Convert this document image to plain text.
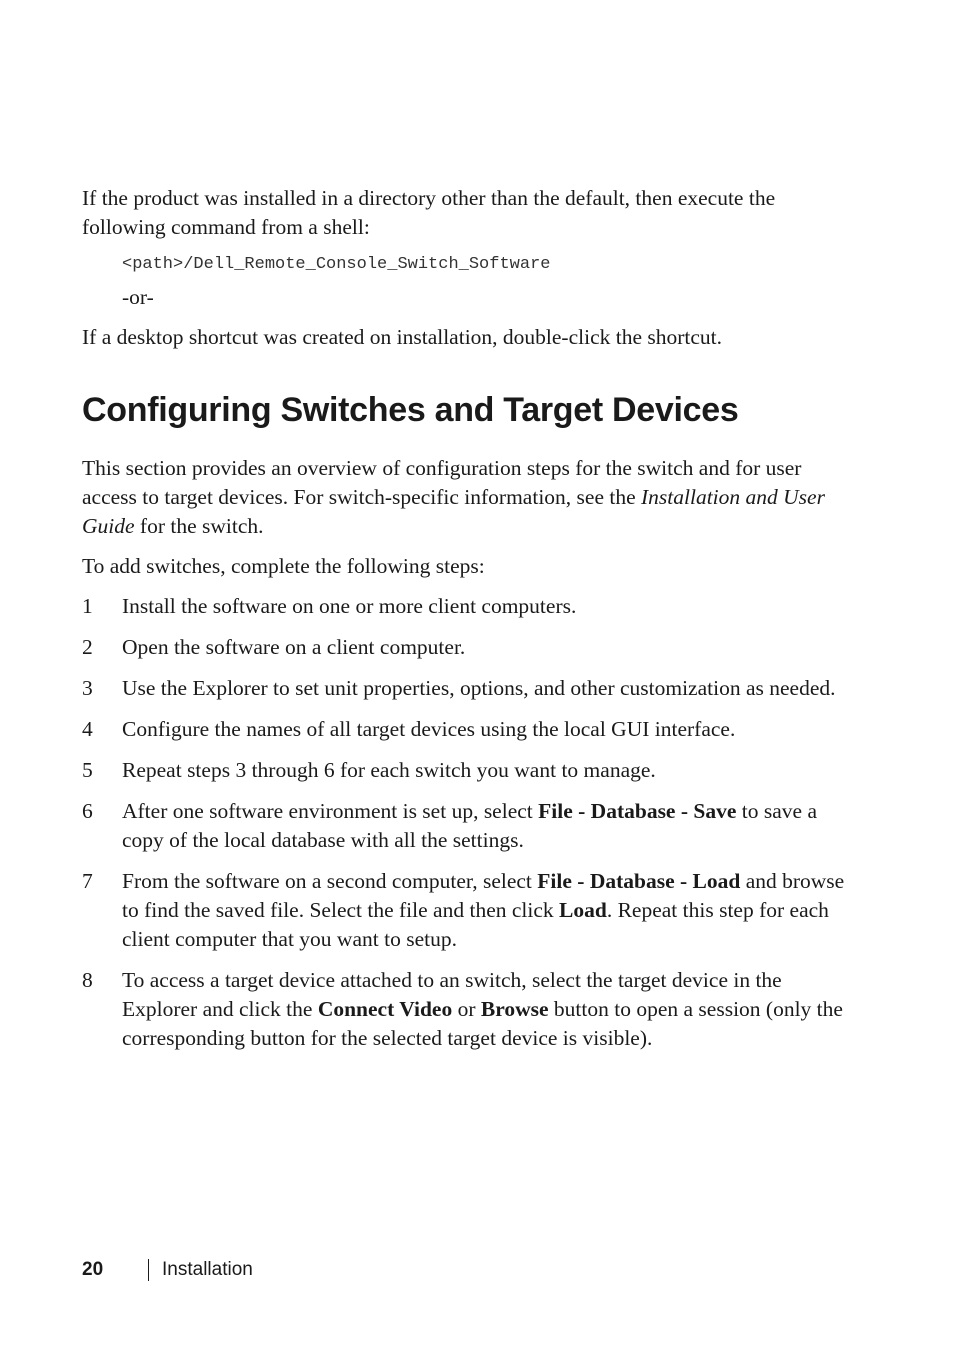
If the product was installed in a directory other than the default, then execute the following command from a shell:

<path>/Dell_Remote_Console_Switch_Software
-or-

If a desktop shortcut was created on installation, double-click the shortcut.

Configuring Switches and Target Devices

This section provides an overview of configuration steps for the switch and for user access to target devices. For switch-specific information, see the Installation and User Guide for the switch.

To add switches, complete the following steps:

1	Install the software on one or more client computers.
2	Open the software on a client computer.
3	Use the Explorer to set unit properties, options, and other customization as needed.
4	Configure the names of all target devices using the local GUI interface.
5	Repeat steps 3 through 6 for each switch you want to manage.
6	After one software environment is set up, select File - Database - Save to save a copy of the local database with all the settings.
7	From the software on a second computer, select File - Database - Load and browse to find the saved file. Select the file and then click Load. Repeat this step for each client computer that you want to setup.
8	To access a target device attached to an switch, select the target device in the Explorer and click the Connect Video or Browse button to open a session (only the corresponding button for the selected target device is visible).
20	Installation
